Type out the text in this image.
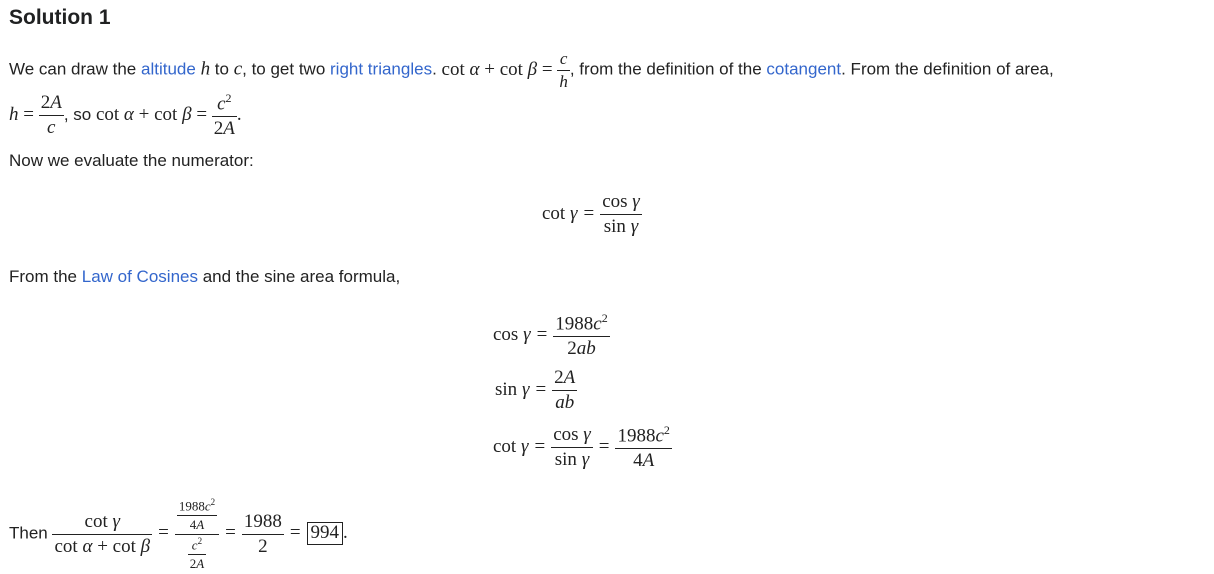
Solution 1
We can draw the altitude h to c, to get two right triangles. $\cot \alpha + \cot \beta = \frac{c}{h}$ , from the definition of the cotangent. From the definition of area,
$h = \frac{2A}{c}$ , so $\cot \alpha + \cot \beta = \frac{c^2}{2A}$ .
Now we evaluate the numerator:
$\cot \gamma = \frac{\text{cos γ}}{\text{sin γ}}$
From the Law of Cosines and the sine area formula,
$\cos \gamma = \frac{1988c^2}{2ab}$
$\sin \gamma = \frac{2A}{ab}$
$\cot \gamma = \frac{\text{cos γ}}{\text{sin γ}} = \frac{1988c^2}{4A}$
Then $\frac{\text{cot γ}}{\text{cot α + cot β}} = \frac{\frac{1988c^2}{4A}}{\frac{c^2}{2A}} = \frac{1988}{2} = 994$ .
